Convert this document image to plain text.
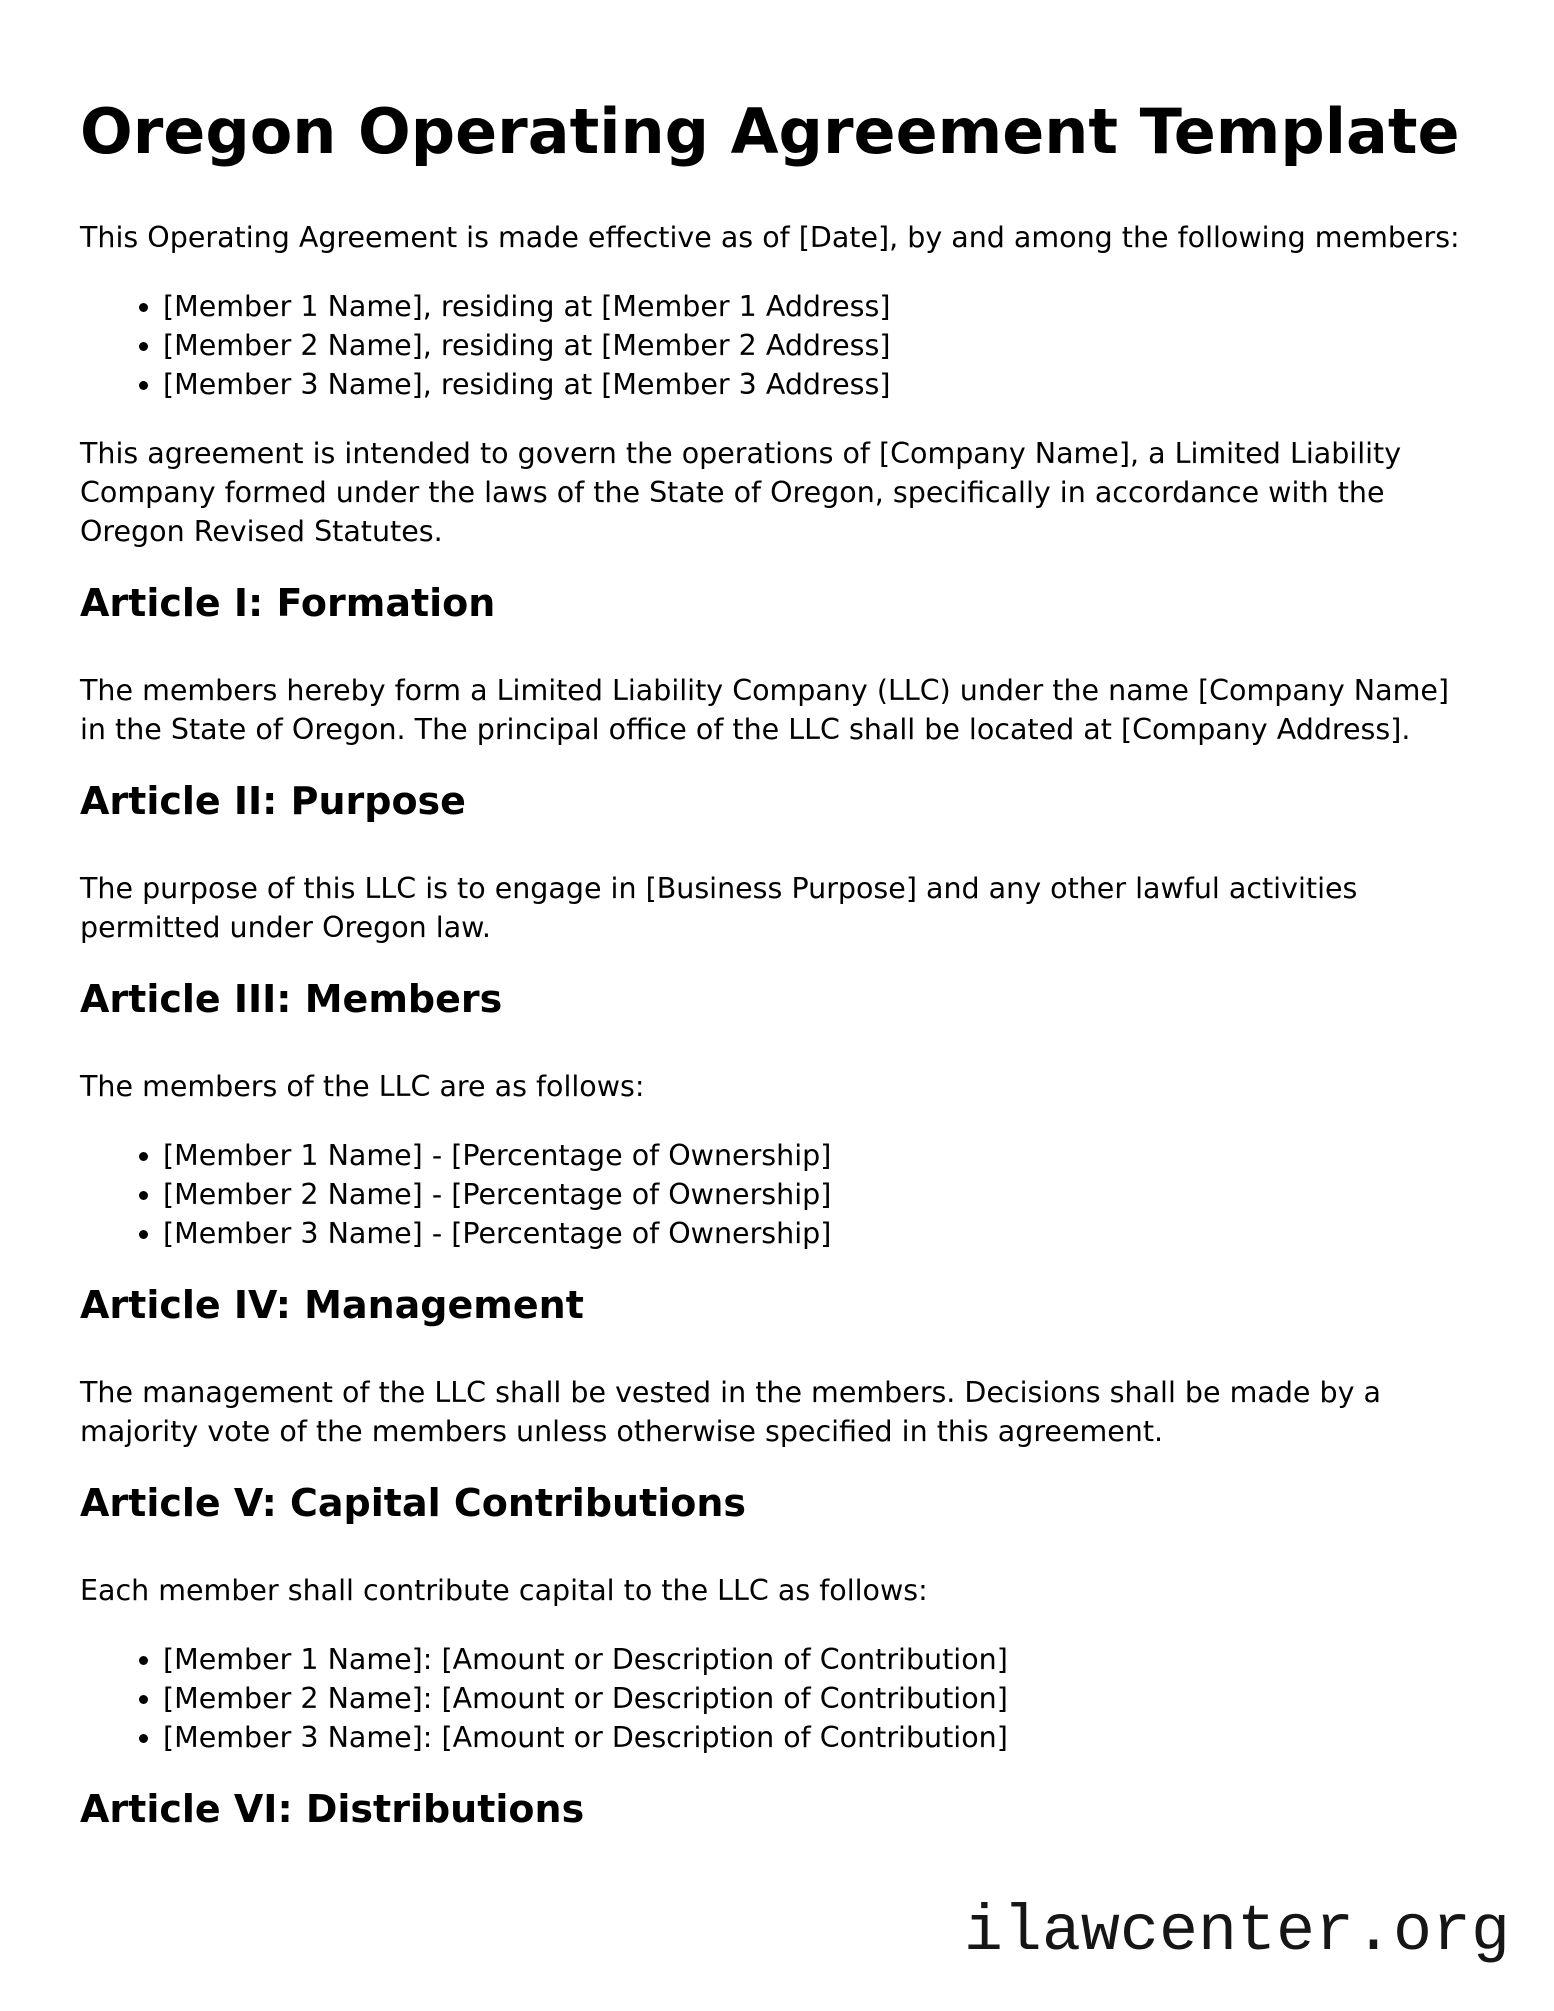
Oregon Operating Agreement Template

This Operating Agreement is made effective as of [Date], by and among the following members:

• [Member 1 Name], residing at [Member 1 Address]
• [Member 2 Name], residing at [Member 2 Address]
• [Member 3 Name], residing at [Member 3 Address]

This agreement is intended to govern the operations of [Company Name], a Limited Liability Company formed under the laws of the State of Oregon, specifically in accordance with the Oregon Revised Statutes.

Article I: Formation

The members hereby form a Limited Liability Company (LLC) under the name [Company Name] in the State of Oregon. The principal office of the LLC shall be located at [Company Address].

Article II: Purpose

The purpose of this LLC is to engage in [Business Purpose] and any other lawful activities permitted under Oregon law.

Article III: Members

The members of the LLC are as follows:

• [Member 1 Name] - [Percentage of Ownership]
• [Member 2 Name] - [Percentage of Ownership]
• [Member 3 Name] - [Percentage of Ownership]
Article IV: Management

The management of the LLC shall be vested in the members. Decisions shall be made by a majority vote of the members unless otherwise specified in this agreement.

Article V: Capital Contributions

Each member shall contribute capital to the LLC as follows:

• [Member 1 Name]: [Amount or Description of Contribution]
• [Member 2 Name]: [Amount or Description of Contribution]
• [Member 3 Name]: [Amount or Description of Contribution]
Article VI: Distributions
ilawcenter.org
